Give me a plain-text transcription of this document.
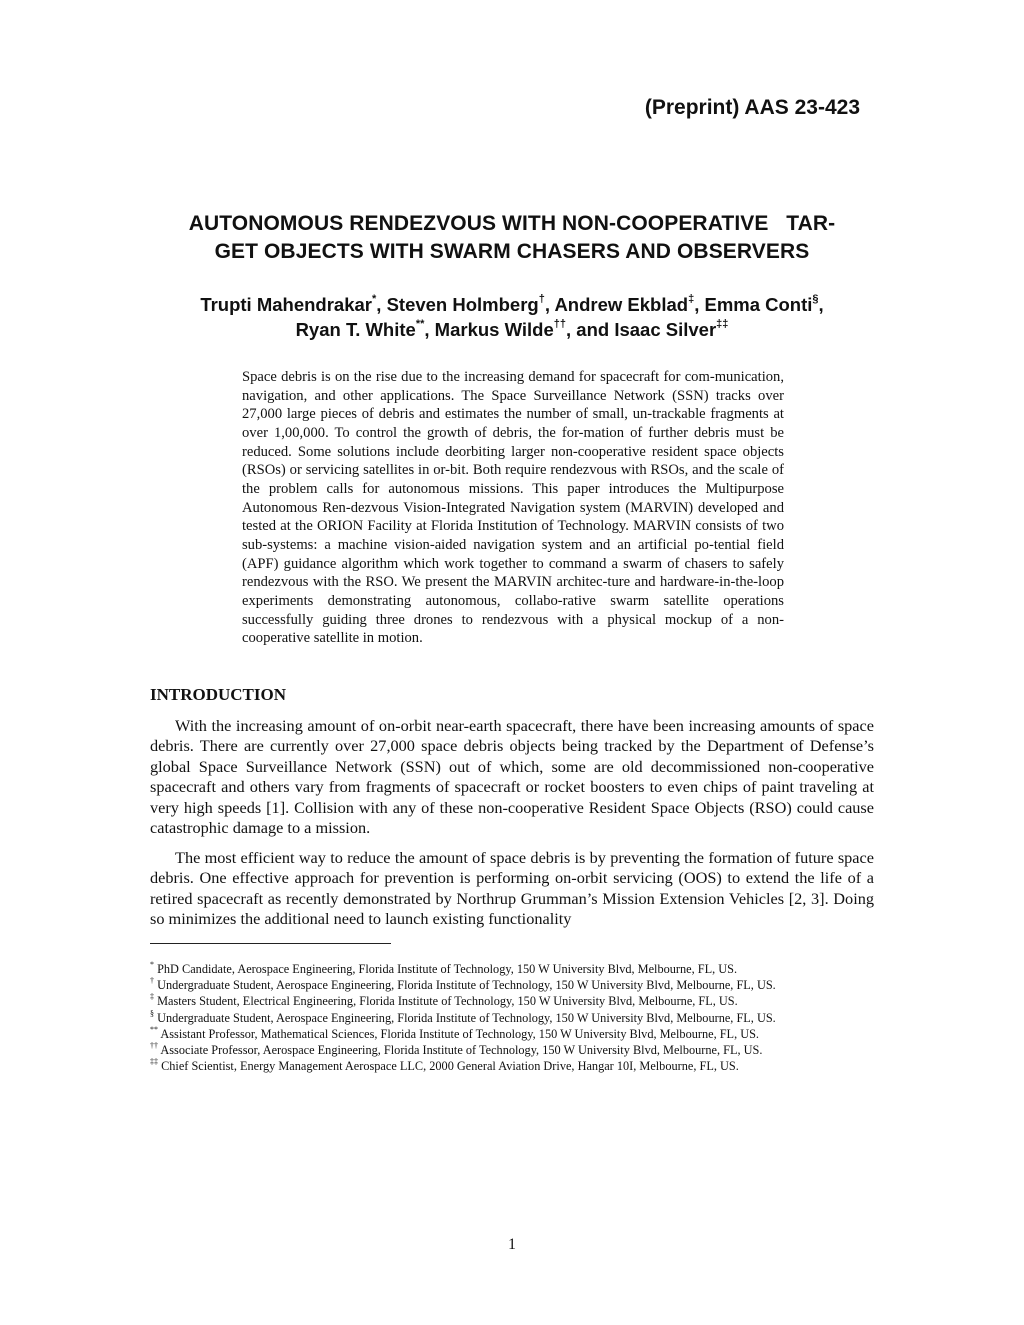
(Preprint) AAS 23-423
AUTONOMOUS RENDEZVOUS WITH NON-COOPERATIVE   TAR-
GET OBJECTS WITH SWARM CHASERS AND OBSERVERS
Trupti Mahendrakar*, Steven Holmberg†, Andrew Ekblad‡, Emma Conti§,
Ryan T. White**, Markus Wilde††, and Isaac Silver‡‡

Space debris is on the rise due to the increasing demand for spacecraft for com-munication, navigation, and other applications. The Space Surveillance Network (SSN) tracks over 27,000 large pieces of debris and estimates the number of small, un-trackable fragments at over 1,00,000. To control the growth of debris, the for-mation of further debris must be reduced. Some solutions include deorbiting larger non-cooperative resident space objects (RSOs) or servicing satellites in or-bit. Both require rendezvous with RSOs, and the scale of the problem calls for autonomous missions. This paper introduces the Multipurpose Autonomous Ren-dezvous Vision-Integrated Navigation system (MARVIN) developed and tested at the ORION Facility at Florida Institution of Technology. MARVIN consists of two sub-systems: a machine vision-aided navigation system and an artificial po-tential field (APF) guidance algorithm which work together to command a swarm of chasers to safely rendezvous with the RSO. We present the MARVIN architec-ture and hardware-in-the-loop experiments demonstrating autonomous, collabo-rative swarm satellite operations successfully guiding three drones to rendezvous with a physical mockup of a non-cooperative satellite in motion.

INTRODUCTION

With the increasing amount of on-orbit near-earth spacecraft, there have been increasing amounts of space debris. There are currently over 27,000 space debris objects being tracked by the Department of Defense’s global Space Surveillance Network (SSN) out of which, some are old decommissioned non-cooperative spacecraft and others vary from fragments of spacecraft or rocket boosters to even chips of paint traveling at very high speeds [1]. Collision with any of these non-cooperative Resident Space Objects (RSO) could cause catastrophic damage to a mission.

The most efficient way to reduce the amount of space debris is by preventing the formation of future space debris. One effective approach for prevention is performing on-orbit servicing (OOS) to extend the life of a retired spacecraft as recently demonstrated by Northrup Grumman’s Mission Extension Vehicles [2, 3]. Doing so minimizes the additional need to launch existing functionality

* PhD Candidate, Aerospace Engineering, Florida Institute of Technology, 150 W University Blvd, Melbourne, FL, US.
† Undergraduate Student, Aerospace Engineering, Florida Institute of Technology, 150 W University Blvd, Melbourne, FL, US.
‡ Masters Student, Electrical Engineering, Florida Institute of Technology, 150 W University Blvd, Melbourne, FL, US.
§ Undergraduate Student, Aerospace Engineering, Florida Institute of Technology, 150 W University Blvd, Melbourne, FL, US.
** Assistant Professor, Mathematical Sciences, Florida Institute of Technology, 150 W University Blvd, Melbourne, FL, US.
†† Associate Professor, Aerospace Engineering, Florida Institute of Technology, 150 W University Blvd, Melbourne, FL, US.
‡‡ Chief Scientist, Energy Management Aerospace LLC, 2000 General Aviation Drive, Hangar 10I, Melbourne, FL, US.
1
